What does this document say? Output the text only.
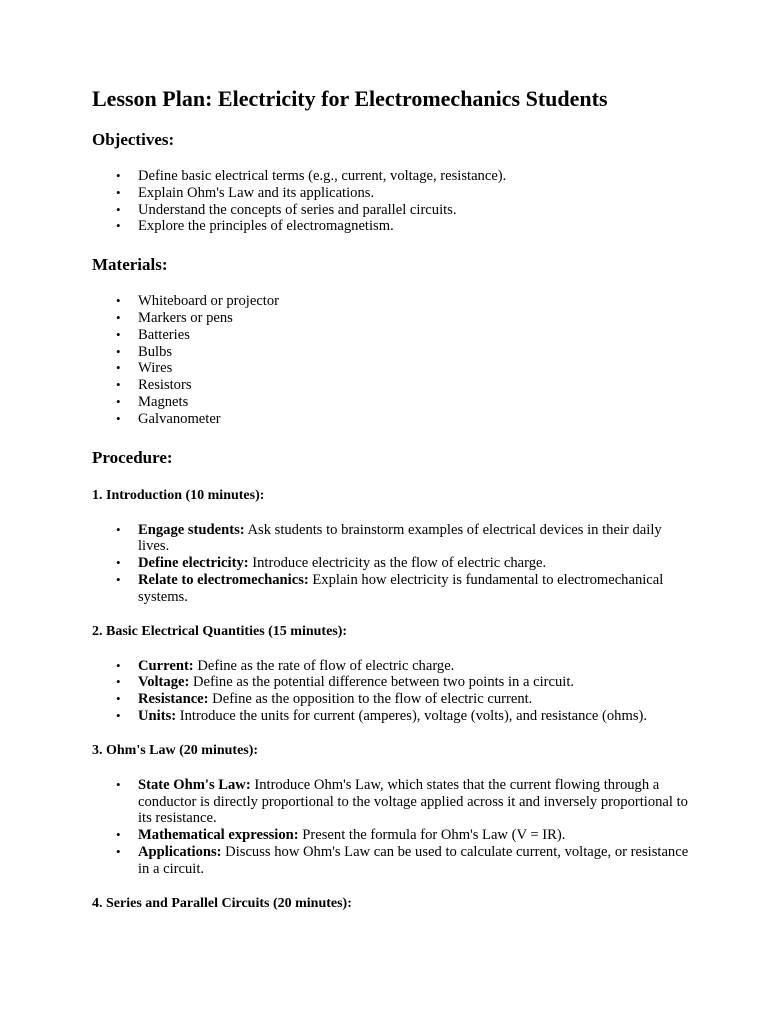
Lesson Plan: Electricity for Electromechanics Students
Objectives:
• Define basic electrical terms (e.g., current, voltage, resistance).
• Explain Ohm's Law and its applications.
• Understand the concepts of series and parallel circuits.
• Explore the principles of electromagnetism.
Materials:
• Whiteboard or projector
• Markers or pens
• Batteries
• Bulbs
• Wires
• Resistors
• Magnets
• Galvanometer
Procedure:
1. Introduction (10 minutes):
• Engage students: Ask students to brainstorm examples of electrical devices in their daily lives.
• Define electricity: Introduce electricity as the flow of electric charge.
• Relate to electromechanics: Explain how electricity is fundamental to electromechanical systems.
2. Basic Electrical Quantities (15 minutes):
• Current: Define as the rate of flow of electric charge.
• Voltage: Define as the potential difference between two points in a circuit.
• Resistance: Define as the opposition to the flow of electric current.
• Units: Introduce the units for current (amperes), voltage (volts), and resistance (ohms).
3. Ohm's Law (20 minutes):
• State Ohm's Law: Introduce Ohm's Law, which states that the current flowing through a conductor is directly proportional to the voltage applied across it and inversely proportional to its resistance.
• Mathematical expression: Present the formula for Ohm's Law (V = IR).
• Applications: Discuss how Ohm's Law can be used to calculate current, voltage, or resistance in a circuit.
4. Series and Parallel Circuits (20 minutes):
